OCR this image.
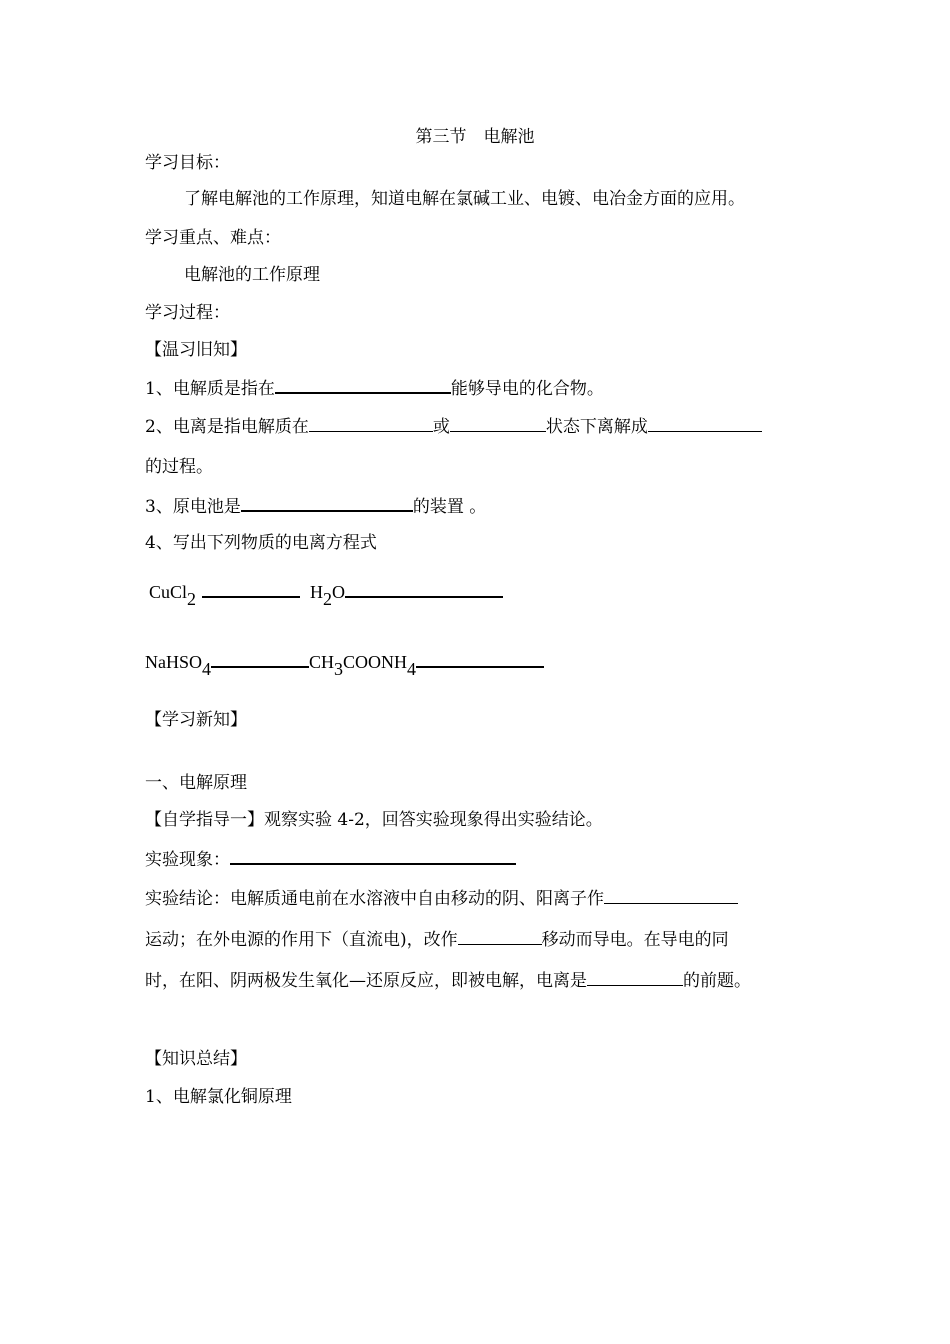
第三节　电解池
学习目标：
了解电解池的工作原理，知道电解在氯碱工业、电镀、电冶金方面的应用。
学习重点、难点：
电解池的工作原理
学习过程：
【温习旧知】
1、电解质是指在	能够导电的化合物。
2、电离是指电解质在	或	状态下离解成
的过程。
3、原电池是	的装置 。
4、写出下列物质的电离方程式
CuCl2	H2O
NaHSO4	CH3COONH4
【学习新知】
一、电解原理
【自学指导一】观察实验 4-2，回答实验现象得出实验结论。
实验现象：
实验结论：电解质通电前在水溶液中自由移动的阴、阳离子作
运动；在外电源的作用下（直流电)，改作	移动而导电。在导电的同
时，在阳、阴两极发生氧化—还原反应，即被电解，电离是	的前题。
【知识总结】
1、电解氯化铜原理
